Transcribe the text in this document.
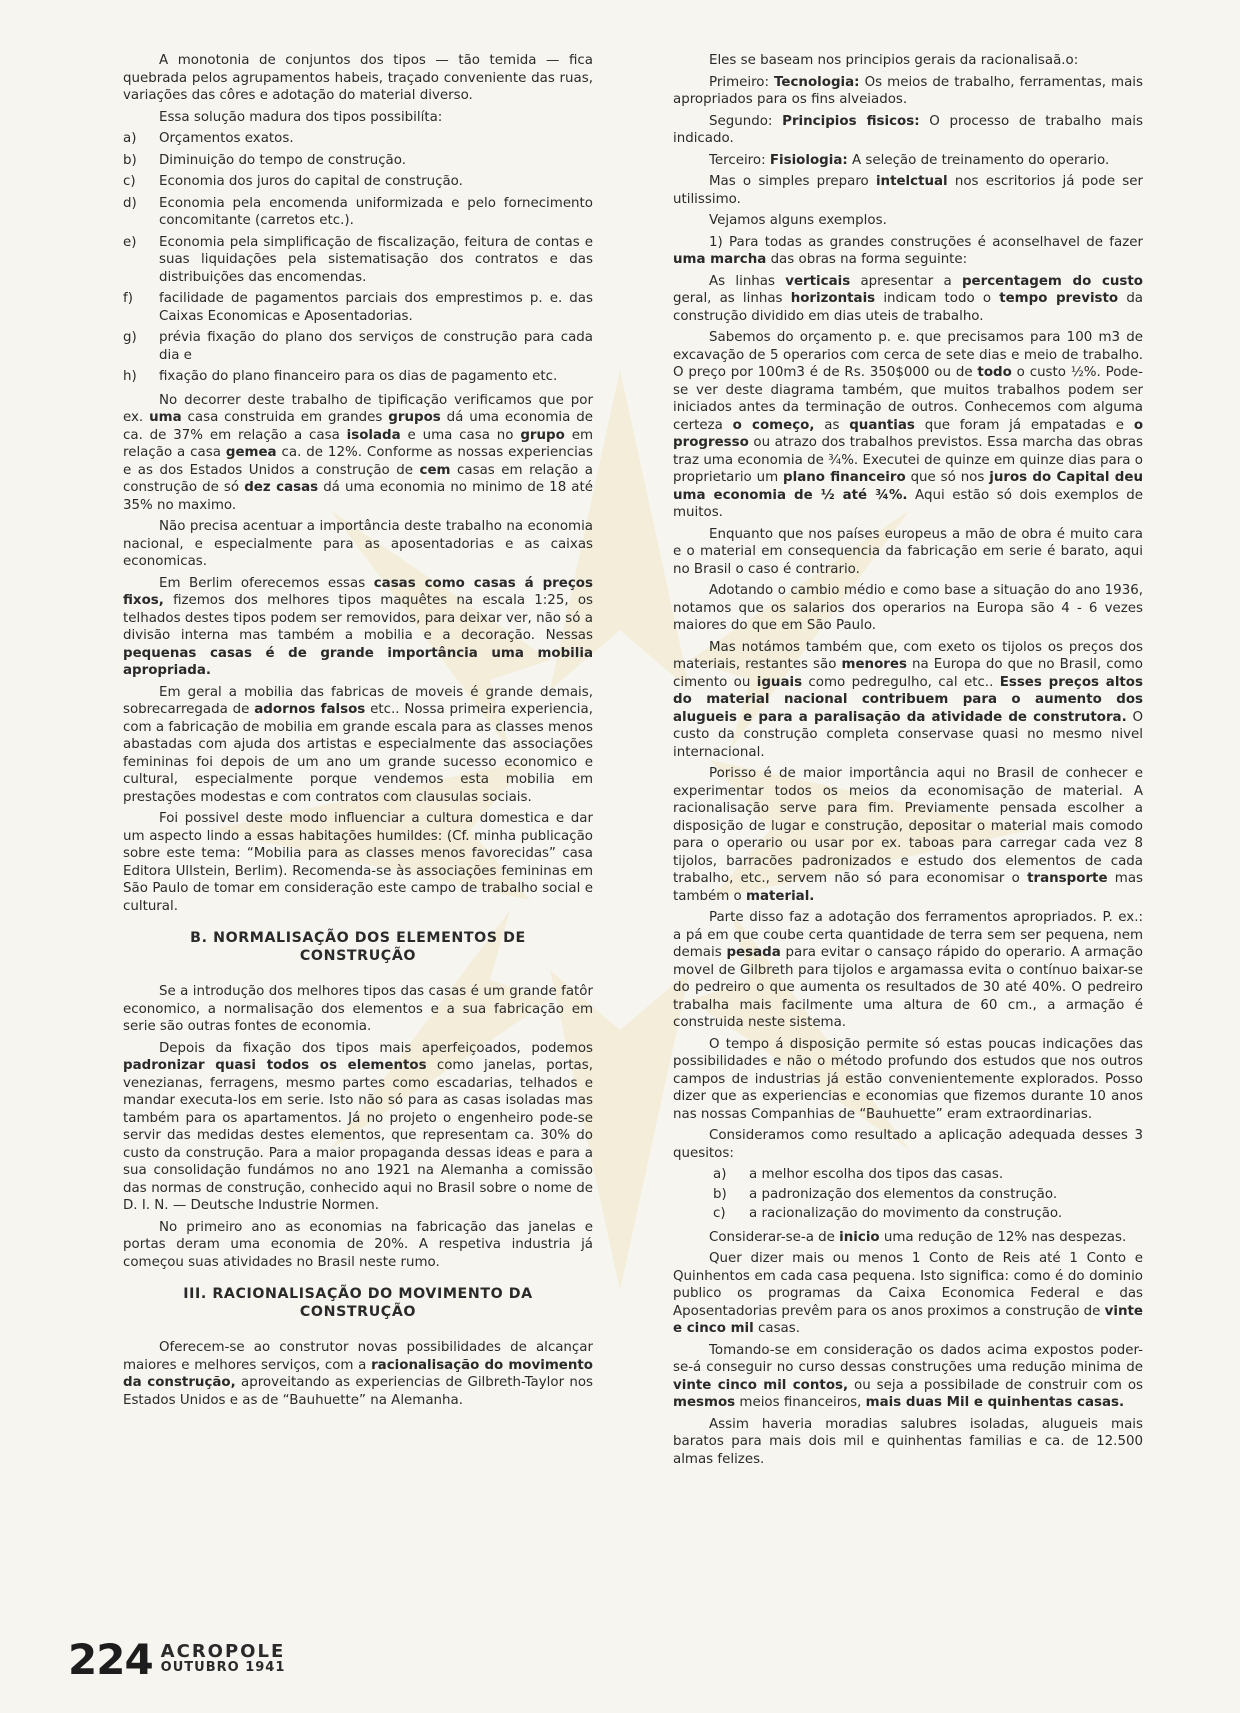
A monotonia de conjuntos dos tipos — tão temida — fica quebrada pelos agrupamentos habeis, traçado conveniente das ruas, variações das côres e adotação do material diverso.

Essa solução madura dos tipos possibilíta:

a)	Orçamentos exatos.
b)	Diminuição do tempo de construção.
c)	Economia dos juros do capital de construção.
d)	Economia pela encomenda uniformizada e pelo fornecimento concomitante (carretos etc.).
e)	Economia pela simplificação de fiscalização, feitura de contas e suas liquidações pela sistematisação dos contratos e das distribuições das encomendas.
f)	facilidade de pagamentos parciais dos emprestimos p. e. das Caixas Economicas e Aposentadorias.
g)	prévia fixação do plano dos serviços de construção para cada dia e
h)	fixação do plano financeiro para os dias de pagamento etc.

No decorrer deste trabalho de tipificação verificamos que por ex. uma casa construida em grandes grupos dá uma economia de ca. de 37% em relação a casa isolada e uma casa no grupo em relação a casa gemea ca. de 12%. Conforme as nossas experiencias e as dos Estados Unidos a construção de cem casas em relação a construção de só dez casas dá uma economia no minimo de 18 até 35% no maximo.

Não precisa acentuar a importância deste trabalho na economia nacional, e especialmente para as aposentadorias e as caixas economicas.

Em Berlim oferecemos essas casas como casas á preços fixos, fizemos dos melhores tipos maquêtes na escala 1:25, os telhados destes tipos podem ser removidos, para deixar ver, não só a divisão interna mas também a mobilia e a decoração. Nessas pequenas casas é de grande importância uma mobilia apropriada.

Em geral a mobilia das fabricas de moveis é grande demais, sobrecarregada de adornos falsos etc.. Nossa primeira experiencia, com a fabricação de mobilia em grande escala para as classes menos abastadas com ajuda dos artistas e especialmente das associações femininas foi depois de um ano um grande sucesso economico e cultural, especialmente porque vendemos esta mobilia em prestações modestas e com contratos com clausulas sociais.

Foi possivel deste modo influenciar a cultura domestica e dar um aspecto lindo a essas habitações humildes: (Cf. minha publicação sobre este tema: “Mobilia para as classes menos favorecidas” casa Editora Ullstein, Berlim). Recomenda-se às associações femininas em São Paulo de tomar em consideração este campo de trabalho social e cultural.

B. NORMALISAÇÃO DOS ELEMENTOS DE CONSTRUÇÃO

Se a introdução dos melhores tipos das casas é um grande fatôr economico, a normalisação dos elementos e a sua fabricação em serie são outras fontes de economia.

Depois da fixação dos tipos mais aperfeiçoados, podemos padronizar quasi todos os elementos como janelas, portas, venezianas, ferragens, mesmo partes como escadarias, telhados e mandar executa-los em serie. Isto não só para as casas isoladas mas também para os apartamentos. Já no projeto o engenheiro pode-se servir das medidas destes elementos, que representam ca. 30% do custo da construção. Para a maior propaganda dessas ideas e para a sua consolidação fundámos no ano 1921 na Alemanha a comissão das normas de construção, conhecido aqui no Brasil sobre o nome de D. I. N. — Deutsche Industrie Normen.

No primeiro ano as economias na fabricação das janelas e portas deram uma economia de 20%. A respetiva industria já começou suas atividades no Brasil neste rumo.

III. RACIONALISAÇÃO DO MOVIMENTO DA CONSTRUÇÃO

Oferecem-se ao construtor novas possibilidades de alcançar maiores e melhores serviços, com a racionalisação do movimento da construção, aproveitando as experiencias de Gilbreth-Taylor nos Estados Unidos e as de “Bauhuette” na Alemanha.

Eles se baseam nos principios gerais da racionalisaã.o:

Primeiro: Tecnologia: Os meios de trabalho, ferramentas, mais apropriados para os fins alveiados.

Segundo: Principios fisicos: O processo de trabalho mais indicado.

Terceiro: Fisiologia: A seleção de treinamento do operario.

Mas o simples preparo intelctual nos escritorios já pode ser utilissimo.

Vejamos alguns exemplos.

1) Para todas as grandes construções é aconselhavel de fazer uma marcha das obras na forma seguinte:

As linhas verticais apresentar a percentagem do custo geral, as linhas horizontais indicam todo o tempo previsto da construção dividido em dias uteis de trabalho.

Sabemos do orçamento p. e. que precisamos para 100 m3 de excavação de 5 operarios com cerca de sete dias e meio de trabalho. O preço por 100m3 é de Rs. 350$000 ou de todo o custo ½%. Pode-se ver deste diagrama também, que muitos trabalhos podem ser iniciados antes da terminação de outros. Conhecemos com alguma certeza o começo, as quantias que foram já empatadas e o progresso ou atrazo dos trabalhos previstos. Essa marcha das obras traz uma economia de ¾%. Executei de quinze em quinze dias para o proprietario um plano financeiro que só nos juros do Capital deu uma economia de ½ até ¾%. Aqui estão só dois exemplos de muitos.

Enquanto que nos países europeus a mão de obra é muito cara e o material em consequencia da fabricação em serie é barato, aqui no Brasil o caso é contrario.

Adotando o cambio médio e como base a situação do ano 1936, notamos que os salarios dos operarios na Europa são 4 - 6 vezes maiores do que em São Paulo.

Mas notámos também que, com exeto os tijolos os preços dos materiais, restantes são menores na Europa do que no Brasil, como cimento ou iguais como pedregulho, cal etc.. Esses preços altos do material nacional contribuem para o aumento dos alugueis e para a paralisação da atividade de construtora. O custo da construção completa conservase quasi no mesmo nivel internacional.

Porisso é de maior importância aqui no Brasil de conhecer e experimentar todos os meios da economisação de material. A racionalisação serve para fim. Previamente pensada escolher a disposição de lugar e construção, depositar o material mais comodo para o operario ou usar por ex. taboas para carregar cada vez 8 tijolos, barracões padronizados e estudo dos elementos de cada trabalho, etc., servem não só para economisar o transporte mas também o material.

Parte disso faz a adotação dos ferramentos apropriados. P. ex.: a pá em que coube certa quantidade de terra sem ser pequena, nem demais pesada para evitar o cansaço rápido do operario. A armação movel de Gilbreth para tijolos e argamassa evita o contínuo baixar-se do pedreiro o que aumenta os resultados de 30 até 40%. O pedreiro trabalha mais facilmente uma altura de 60 cm., a armação é construida neste sistema.

O tempo á disposição permite só estas poucas indicações das possibilidades e não o método profundo dos estudos que nos outros campos de industrias já estão convenientemente explorados. Posso dizer que as experiencias e economias que fizemos durante 10 anos nas nossas Companhias de “Bauhuette” eram extraordinarias.

Consideramos como resultado a aplicação adequada desses 3 quesitos:

a)	a melhor escolha dos tipos das casas.
b)	a padronização dos elementos da construção.
c)	a racionalização do movimento da construção.

Considerar-se-a de inicio uma redução de 12% nas despezas.

Quer dizer mais ou menos 1 Conto de Reis até 1 Conto e Quinhentos em cada casa pequena. Isto significa: como é do dominio publico os programas da Caixa Economica Federal e das Aposentadorias prevêm para os anos proximos a construção de vinte e cinco mil casas.

Tomando-se em consideração os dados acima expostos poder-se-á conseguir no curso dessas construções uma redução minima de vinte cinco mil contos, ou seja a possibilade de construir com os mesmos meios financeiros, mais duas Mil e quinhentas casas.

Assim haveria moradias salubres isoladas, alugueis mais baratos para mais dois mil e quinhentas familias e ca. de 12.500 almas felizes.

224 ACROPOLE
OUTUBRO 1941
